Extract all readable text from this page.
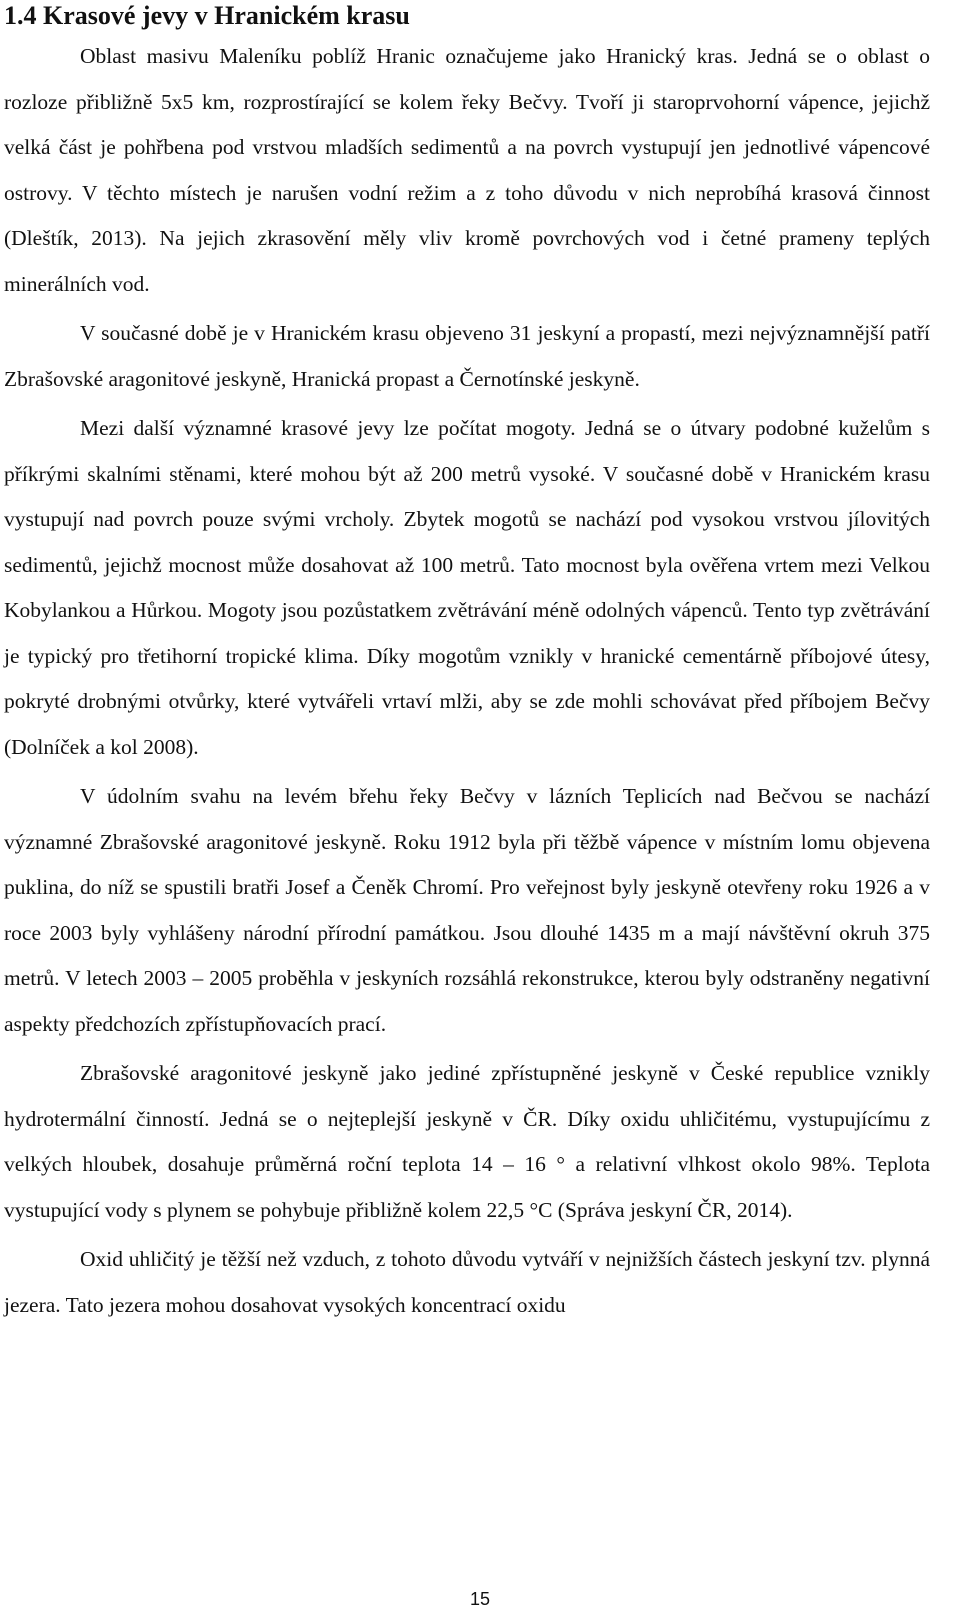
1.4 Krasové jevy v Hranickém krasu

Oblast masivu Maleníku poblíž Hranic označujeme jako Hranický kras. Jedná se o oblast o rozloze přibližně 5x5 km, rozprostírající se kolem řeky Bečvy. Tvoří ji staroprvohorní vápence, jejichž velká část je pohřbena pod vrstvou mladších sedimentů a na povrch vystupují jen jednotlivé vápencové ostrovy. V těchto místech je narušen vodní režim a z toho důvodu v nich neprobíhá krasová činnost (Dleštík, 2013). Na jejich zkrasovění měly vliv kromě povrchových vod i četné prameny teplých minerálních vod.

V současné době je v Hranickém krasu objeveno 31 jeskyní a propastí, mezi nejvýznamnější patří Zbrašovské aragonitové jeskyně, Hranická propast a Černotínské jeskyně.

Mezi další významné krasové jevy lze počítat mogoty. Jedná se o útvary podobné kuželům s příkrými skalními stěnami, které mohou být až 200 metrů vysoké. V současné době v Hranickém krasu vystupují nad povrch pouze svými vrcholy. Zbytek mogotů se nachází pod vysokou vrstvou jílovitých sedimentů, jejichž mocnost může dosahovat až 100 metrů. Tato mocnost byla ověřena vrtem mezi Velkou Kobylankou a Hůrkou. Mogoty jsou pozůstatkem zvětrávání méně odolných vápenců. Tento typ zvětrávání je typický pro třetihorní tropické klima. Díky mogotům vznikly v hranické cementárně příbojové útesy, pokryté drobnými otvůrky, které vytvářeli vrtaví mlži, aby se zde mohli schovávat před příbojem Bečvy (Dolníček a kol 2008).

V údolním svahu na levém břehu řeky Bečvy v lázních Teplicích nad Bečvou se nachází významné Zbrašovské aragonitové jeskyně. Roku 1912 byla při těžbě vápence v místním lomu objevena puklina, do níž se spustili bratři Josef a Čeněk Chromí. Pro veřejnost byly jeskyně otevřeny roku 1926 a v roce 2003 byly vyhlášeny národní přírodní památkou. Jsou dlouhé 1435 m a mají návštěvní okruh 375 metrů. V letech 2003 – 2005 proběhla v jeskyních rozsáhlá rekonstrukce, kterou byly odstraněny negativní aspekty předchozích zpřístupňovacích prací.

Zbrašovské aragonitové jeskyně jako jediné zpřístupněné jeskyně v České republice vznikly hydrotermální činností. Jedná se o nejteplejší jeskyně v ČR. Díky oxidu uhličitému, vystupujícímu z velkých hloubek, dosahuje průměrná roční teplota 14 – 16 ° a relativní vlhkost okolo 98%. Teplota vystupující vody s plynem se pohybuje přibližně kolem 22,5 °C (Správa jeskyní ČR, 2014).

Oxid uhličitý je těžší než vzduch, z tohoto důvodu vytváří v nejnižších částech jeskyní tzv. plynná jezera. Tato jezera mohou dosahovat vysokých koncentrací oxidu

15
